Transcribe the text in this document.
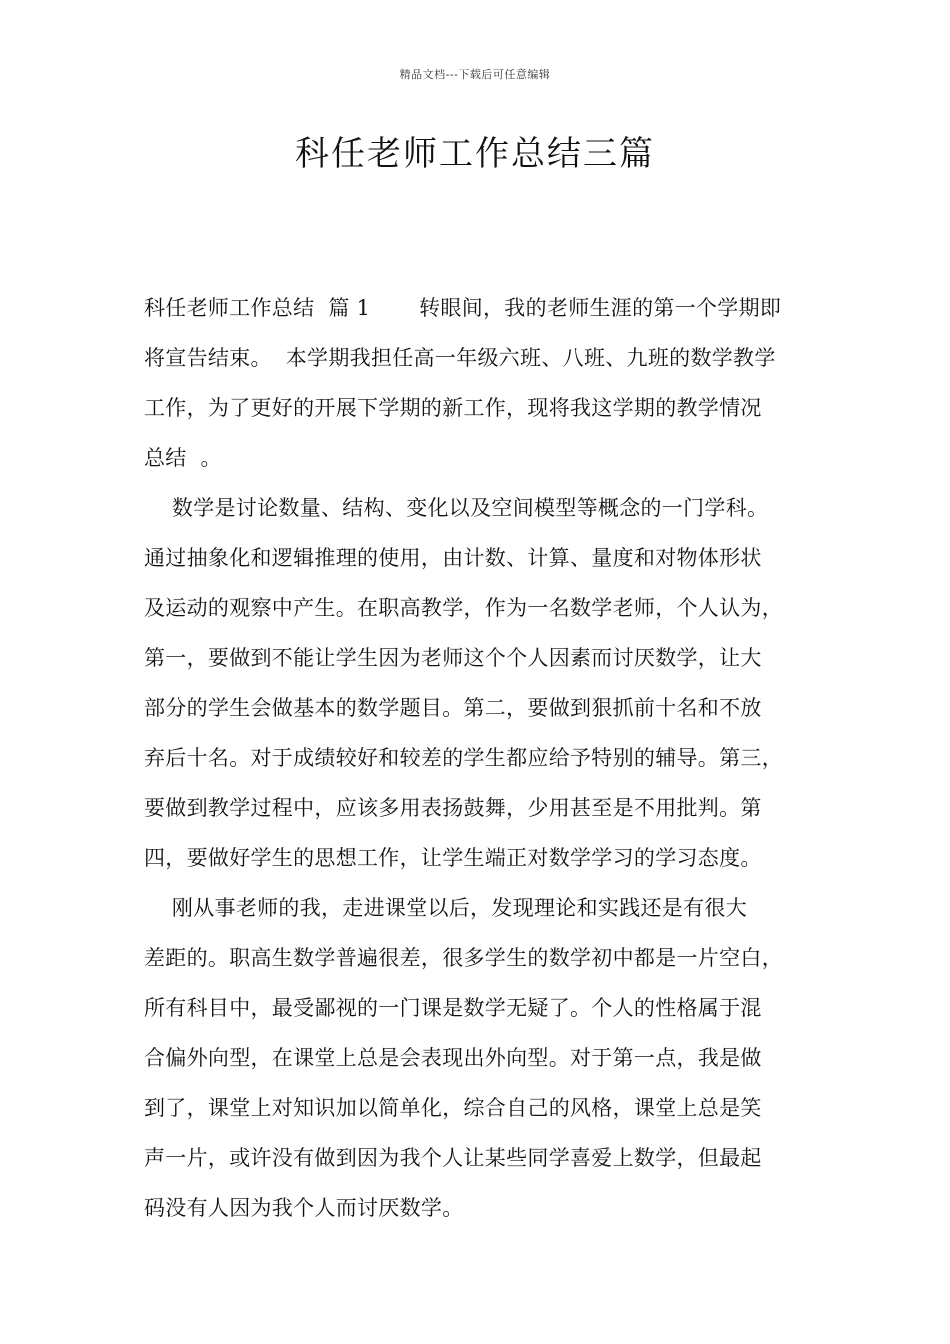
精品文档---下载后可任意编辑
科任老师工作总结三篇
科任老师工作总结  篇 1       转眼间，我的老师生涯的第一个学期即
将宣告结束。  本学期我担任高一年级六班、八班、九班的数学教学
工作，为了更好的开展下学期的新工作，现将我这学期的教学情况
总结  。
数学是讨论数量、结构、变化以及空间模型等概念的一门学科。
通过抽象化和逻辑推理的使用，由计数、计算、量度和对物体形状
及运动的观察中产生。在职高教学，作为一名数学老师，个人认为，
第一，要做到不能让学生因为老师这个个人因素而讨厌数学，让大
部分的学生会做基本的数学题目。第二，要做到狠抓前十名和不放
弃后十名。对于成绩较好和较差的学生都应给予特别的辅导。第三，
要做到教学过程中，应该多用表扬鼓舞，少用甚至是不用批判。第
四，要做好学生的思想工作，让学生端正对数学学习的学习态度。
刚从事老师的我，走进课堂以后，发现理论和实践还是有很大
差距的。职高生数学普遍很差，很多学生的数学初中都是一片空白，
所有科目中，最受鄙视的一门课是数学无疑了。个人的性格属于混
合偏外向型，在课堂上总是会表现出外向型。对于第一点，我是做
到了，课堂上对知识加以简单化，综合自己的风格，课堂上总是笑
声一片，或许没有做到因为我个人让某些同学喜爱上数学，但最起
码没有人因为我个人而讨厌数学。
